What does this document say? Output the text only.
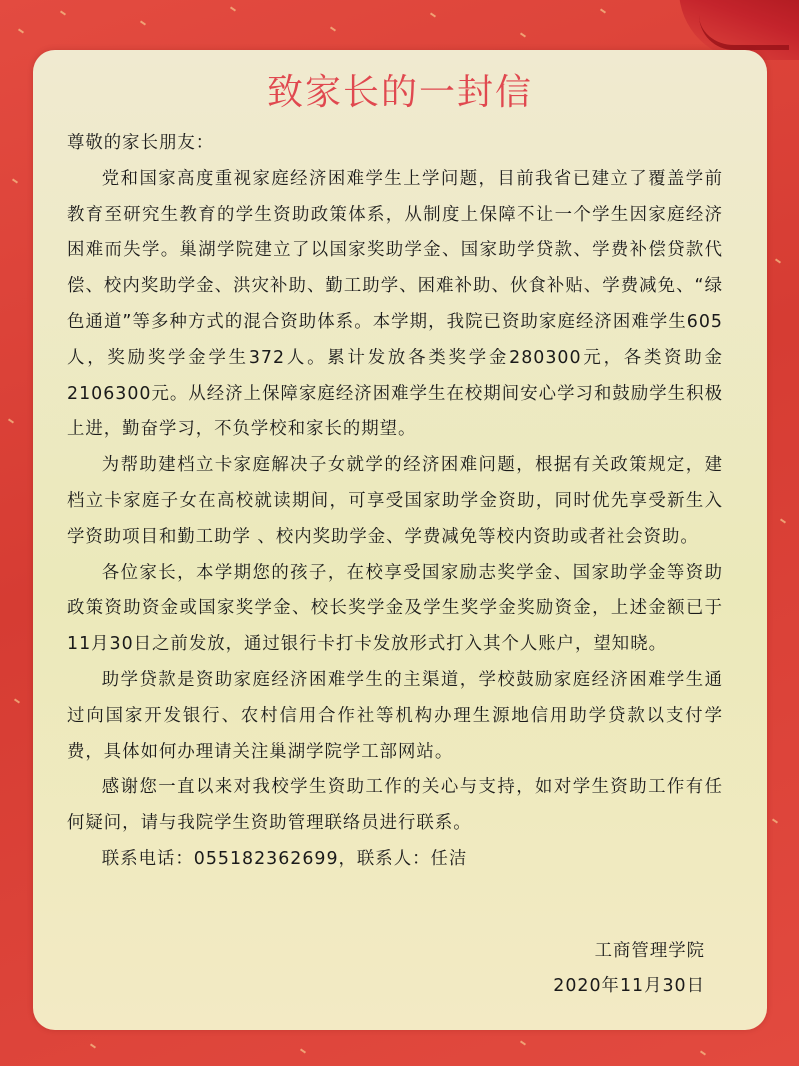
致家长的一封信

尊敬的家长朋友：

党和国家高度重视家庭经济困难学生上学问题，目前我省已建立了覆盖学前教育至研究生教育的学生资助政策体系，从制度上保障不让一个学生因家庭经济困难而失学。巢湖学院建立了以国家奖助学金、国家助学贷款、学费补偿贷款代偿、校内奖助学金、洪灾补助、勤工助学、困难补助、伙食补贴、学费减免、“绿色通道”等多种方式的混合资助体系。本学期，我院已资助家庭经济困难学生605人，奖励奖学金学生372人。累计发放各类奖学金280300元，各类资助金2106300元。从经济上保障家庭经济困难学生在校期间安心学习和鼓励学生积极上进，勤奋学习，不负学校和家长的期望。

为帮助建档立卡家庭解决子女就学的经济困难问题，根据有关政策规定，建档立卡家庭子女在高校就读期间，可享受国家助学金资助，同时优先享受新生入学资助项目和勤工助学 、校内奖助学金、学费减免等校内资助或者社会资助。

各位家长，本学期您的孩子，在校享受国家励志奖学金、国家助学金等资助政策资助资金或国家奖学金、校长奖学金及学生奖学金奖励资金，上述金额已于11月30日之前发放，通过银行卡打卡发放形式打入其个人账户，望知晓。

助学贷款是资助家庭经济困难学生的主渠道，学校鼓励家庭经济困难学生通过向国家开发银行、农村信用合作社等机构办理生源地信用助学贷款以支付学费，具体如何办理请关注巢湖学院学工部网站。

感谢您一直以来对我校学生资助工作的关心与支持，如对学生资助工作有任何疑问，请与我院学生资助管理联络员进行联系。

联系电话：055182362699，联系人：任洁

工商管理学院
2020年11月30日
